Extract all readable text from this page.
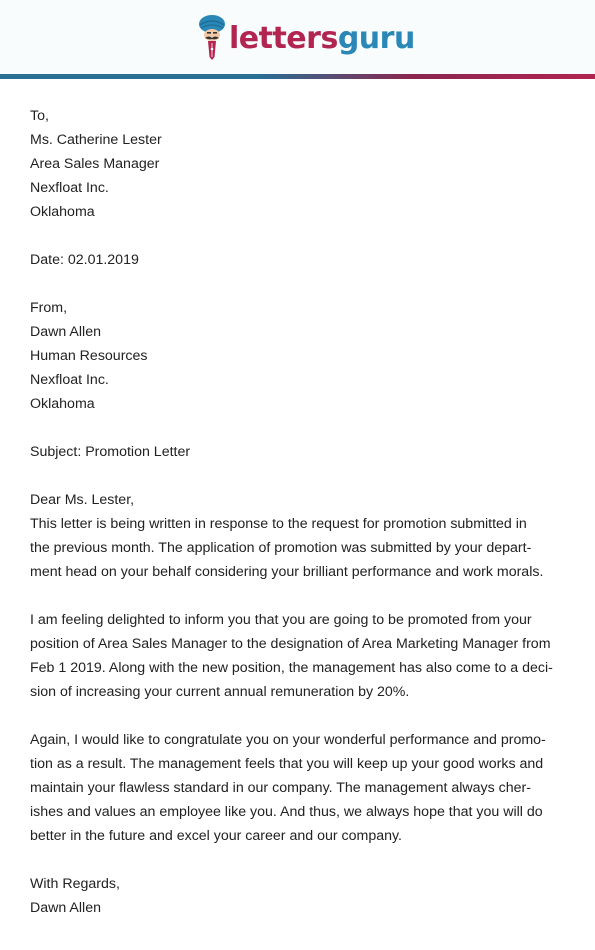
lettersguru
To,
Ms. Catherine Lester
Area Sales Manager
Nexfloat Inc.
Oklahoma
Date: 02.01.2019
From,
Dawn Allen
Human Resources
Nexfloat Inc.
Oklahoma
Subject: Promotion Letter
Dear Ms. Lester,
This letter is being written in response to the request for promotion submitted in
the previous month. The application of promotion was submitted by your depart-
ment head on your behalf considering your brilliant performance and work morals.
I am feeling delighted to inform you that you are going to be promoted from your
position of Area Sales Manager to the designation of Area Marketing Manager from
Feb 1 2019. Along with the new position, the management has also come to a deci-
sion of increasing your current annual remuneration by 20%.
Again, I would like to congratulate you on your wonderful performance and promo-
tion as a result. The management feels that you will keep up your good works and
maintain your flawless standard in our company. The management always cher-
ishes and values an employee like you. And thus, we always hope that you will do
better in the future and excel your career and our company.
With Regards,
Dawn Allen
